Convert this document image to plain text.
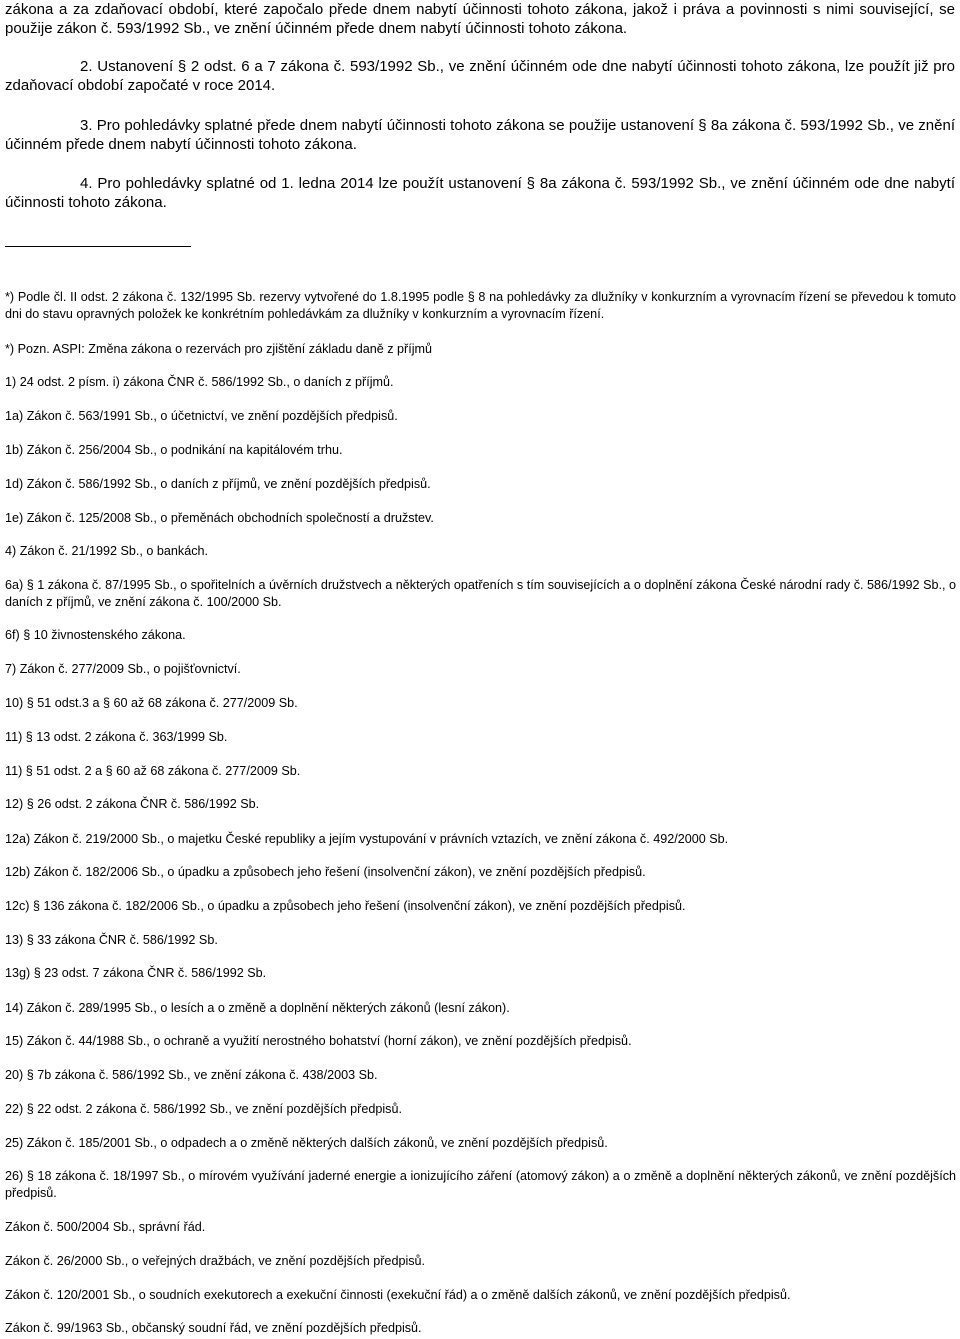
zákona a za zdaňovací období, které započalo přede dnem nabytí účinnosti tohoto zákona, jakož i práva a povinnosti s nimi související, se použije zákon č. 593/1992 Sb., ve znění účinném přede dnem nabytí účinnosti tohoto zákona.

2. Ustanovení § 2 odst. 6 a 7 zákona č. 593/1992 Sb., ve znění účinném ode dne nabytí účinnosti tohoto zákona, lze použít již pro zdaňovací období započaté v roce 2014.

3. Pro pohledávky splatné přede dnem nabytí účinnosti tohoto zákona se použije ustanovení § 8a zákona č. 593/1992 Sb., ve znění účinném přede dnem nabytí účinnosti tohoto zákona.

4. Pro pohledávky splatné od 1. ledna 2014 lze použít ustanovení § 8a zákona č. 593/1992 Sb., ve znění účinném ode dne nabytí účinnosti tohoto zákona.

*) Podle čl. II odst. 2 zákona č. 132/1995 Sb. rezervy vytvořené do 1.8.1995 podle § 8 na pohledávky za dlužníky v konkurzním a vyrovnacím řízení se převedou k tomuto dni do stavu opravných položek ke konkrétním pohledávkám za dlužníky v konkurzním a vyrovnacím řízení.

*) Pozn. ASPI: Změna zákona o rezervách pro zjištění základu daně z příjmů

1) 24 odst. 2 písm. i) zákona ČNR č. 586/1992 Sb., o daních z příjmů.

1a) Zákon č. 563/1991 Sb., o účetnictví, ve znění pozdějších předpisů.

1b) Zákon č. 256/2004 Sb., o podnikání na kapitálovém trhu.

1d) Zákon č. 586/1992 Sb., o daních z příjmů, ve znění pozdějších předpisů.

1e) Zákon č. 125/2008 Sb., o přeměnách obchodních společností a družstev.

4) Zákon č. 21/1992 Sb., o bankách.

6a) § 1 zákona č. 87/1995 Sb., o spořitelních a úvěrních družstvech a některých opatřeních s tím souvisejících a o doplnění zákona České národní rady č. 586/1992 Sb., o daních z příjmů, ve znění zákona č. 100/2000 Sb.

6f) § 10 živnostenského zákona.

7) Zákon č. 277/2009 Sb., o pojišťovnictví.

10) § 51 odst.3 a § 60 až 68 zákona č. 277/2009 Sb.

11) § 13 odst. 2 zákona č. 363/1999 Sb.

11) § 51 odst. 2 a § 60 až 68 zákona č. 277/2009 Sb.

12) § 26 odst. 2 zákona ČNR č. 586/1992 Sb.

12a) Zákon č. 219/2000 Sb., o majetku České republiky a jejím vystupování v právních vztazích, ve znění zákona č. 492/2000 Sb.

12b) Zákon č. 182/2006 Sb., o úpadku a způsobech jeho řešení (insolvenční zákon), ve znění pozdějších předpisů.

12c) § 136 zákona č. 182/2006 Sb., o úpadku a způsobech jeho řešení (insolvenční zákon), ve znění pozdějších předpisů.

13) § 33 zákona ČNR č. 586/1992 Sb.

13g) § 23 odst. 7 zákona ČNR č. 586/1992 Sb.

14) Zákon č. 289/1995 Sb., o lesích a o změně a doplnění některých zákonů (lesní zákon).

15) Zákon č. 44/1988 Sb., o ochraně a využití nerostného bohatství (horní zákon), ve znění pozdějších předpisů.

20) § 7b zákona č. 586/1992 Sb., ve znění zákona č. 438/2003 Sb.

22) § 22 odst. 2 zákona č. 586/1992 Sb., ve znění pozdějších předpisů.

25) Zákon č. 185/2001 Sb., o odpadech a o změně některých dalších zákonů, ve znění pozdějších předpisů.

26) § 18 zákona č. 18/1997 Sb., o mírovém využívání jaderné energie a ionizujícího záření (atomový zákon) a o změně a doplnění některých zákonů, ve znění pozdějších předpisů.

Zákon č. 500/2004 Sb., správní řád.

Zákon č. 26/2000 Sb., o veřejných dražbách, ve znění pozdějších předpisů.

Zákon č. 120/2001 Sb., o soudních exekutorech a exekuční činnosti (exekuční řád) a o změně dalších zákonů, ve znění pozdějších předpisů.

Zákon č. 99/1963 Sb., občanský soudní řád, ve znění pozdějších předpisů.
